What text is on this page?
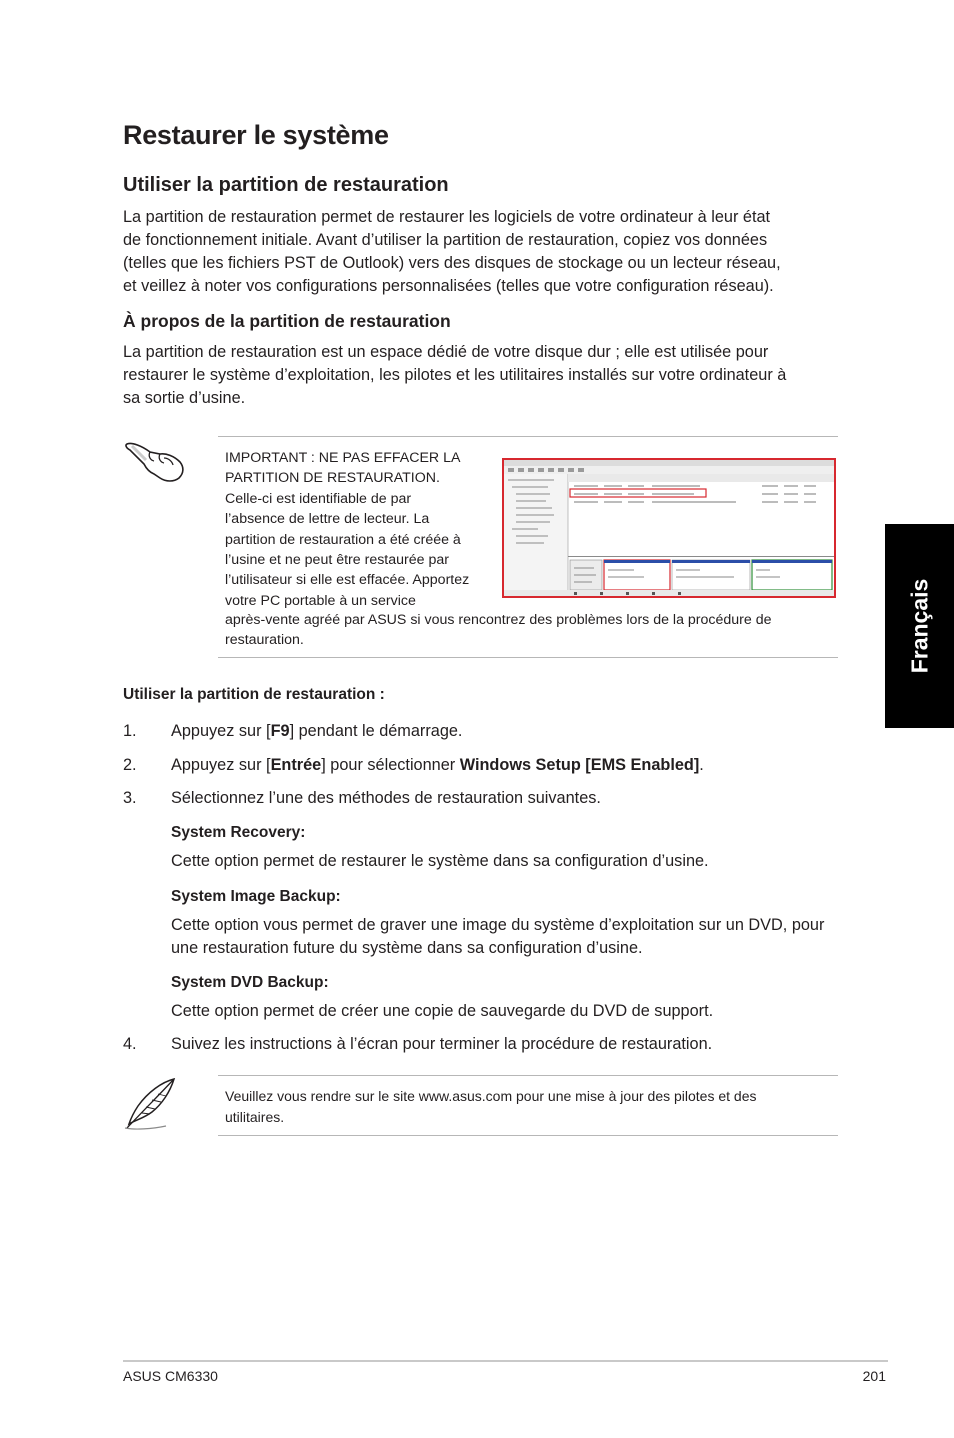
Restaurer le système
Utiliser la partition de restauration
La partition de restauration permet de restaurer les logiciels de votre ordinateur à leur état
de fonctionnement initiale. Avant d’utiliser la partition de restauration, copiez vos données
(telles que les fichiers PST de Outlook) vers des disques de stockage ou un lecteur réseau,
et veillez à noter vos configurations personnalisées (telles que votre configuration réseau).
À propos de la partition de restauration
La partition de restauration est un espace dédié de votre disque dur ; elle est utilisée pour
restaurer le système d’exploitation, les pilotes et les utilitaires installés sur votre ordinateur à
sa sortie d’usine.
IMPORTANT : NE PAS EFFACER LA
PARTITION DE RESTAURATION.
Celle-ci est identifiable de par
l’absence de lettre de lecteur. La
partition de restauration a été créée à
l’usine et ne peut être restaurée par
l’utilisateur si elle est effacée. Apportez
votre PC portable à un service
après-vente agréé par ASUS si vous rencontrez des problèmes lors de la procédure de
restauration.
Utiliser la partition de restauration :
1. Appuyez sur [F9] pendant le démarrage.
2. Appuyez sur [Entrée] pour sélectionner Windows Setup [EMS Enabled].
3. Sélectionnez l’une des méthodes de restauration suivantes.
System Recovery:
Cette option permet de restaurer le système dans sa configuration d’usine.
System Image Backup:
Cette option vous permet de graver une image du système d’exploitation sur un DVD, pour
une restauration future du système dans sa configuration d’usine.
System DVD Backup:
Cette option permet de créer une copie de sauvegarde du DVD de support.
4. Suivez les instructions à l’écran pour terminer la procédure de restauration.
Veuillez vous rendre sur le site www.asus.com pour une mise à jour des pilotes et des
utilitaires.
Français
ASUS CM6330	201
